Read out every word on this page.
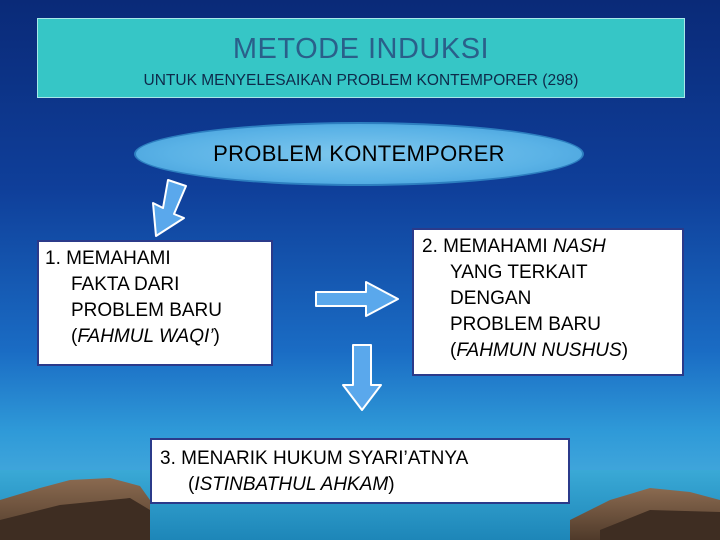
METODE INDUKSI
UNTUK MENYELESAIKAN PROBLEM KONTEMPORER (298)
PROBLEM KONTEMPORER

1. MEMAHAMI
FAKTA DARI
PROBLEM BARU
(FAHMUL WAQI’)

2. MEMAHAMI NASH
YANG TERKAIT
DENGAN
PROBLEM BARU
(FAHMUN NUSHUS)

3. MENARIK HUKUM SYARI’ATNYA
(ISTINBATHUL AHKAM)
